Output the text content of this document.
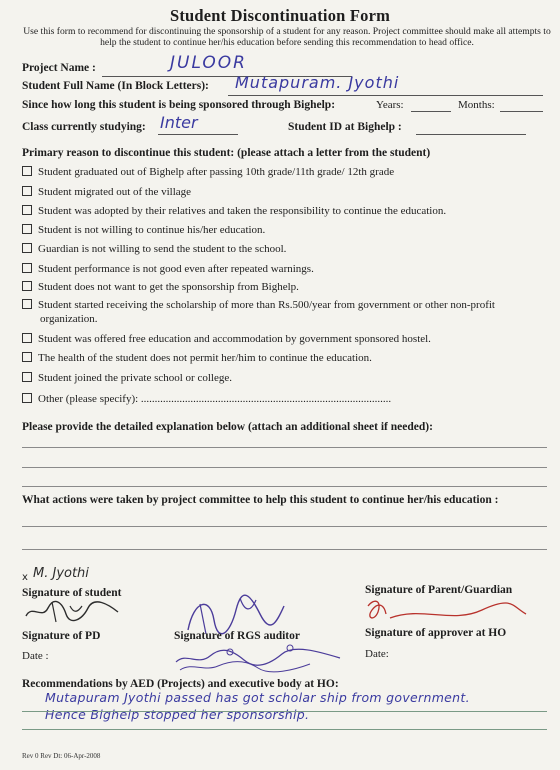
Student Discontinuation Form
Use this form to recommend for discontinuing the sponsorship of a student for any reason. Project committee should make all attempts to help the student to continue her/his education before sending this recommendation to head office.
Project Name :	JULOOR
Student Full Name (In Block Letters): Mutapuram. Jyothi
Since how long this student is being sponsored through Bighelp:	Years:	Months:
Class currently studying: Inter	Student ID at Bighelp :
Primary reason to discontinue this student: (please attach a letter from the student)
Student graduated out of Bighelp after passing 10th grade/11th grade/ 12th grade
Student migrated out of the village
Student was adopted by their relatives and taken the responsibility to continue the education.
Student is not willing to continue his/her education.
Guardian is not willing to send the student to the school.
Student performance is not good even after repeated warnings.
Student does not want to get the sponsorship from Bighelp.
Student started receiving the scholarship of more than Rs.500/year from government or other non-profit organization.
Student was offered free education and accommodation by government sponsored hostel.
The health of the student does not permit her/him to continue the education.
Student joined the private school or college.
Other (please specify): ...........................................................................................
Please provide the detailed explanation below (attach an additional sheet if needed):
What actions were taken by project committee to help this student to continue her/his education :
x M. Jyothi
Signature of student	Signature of Parent/Guardian
Signature of PD
Date :
Signature of RGS auditor	Signature of approver at HO
Date:
Recommendations by AED (Projects) and executive body at HO:
Mutapuram Jyothi passed has got scholar ship from government. Hence Bighelp stopped her sponsorship.
Rev 0 Rev Dt: 06-Apr-2008
